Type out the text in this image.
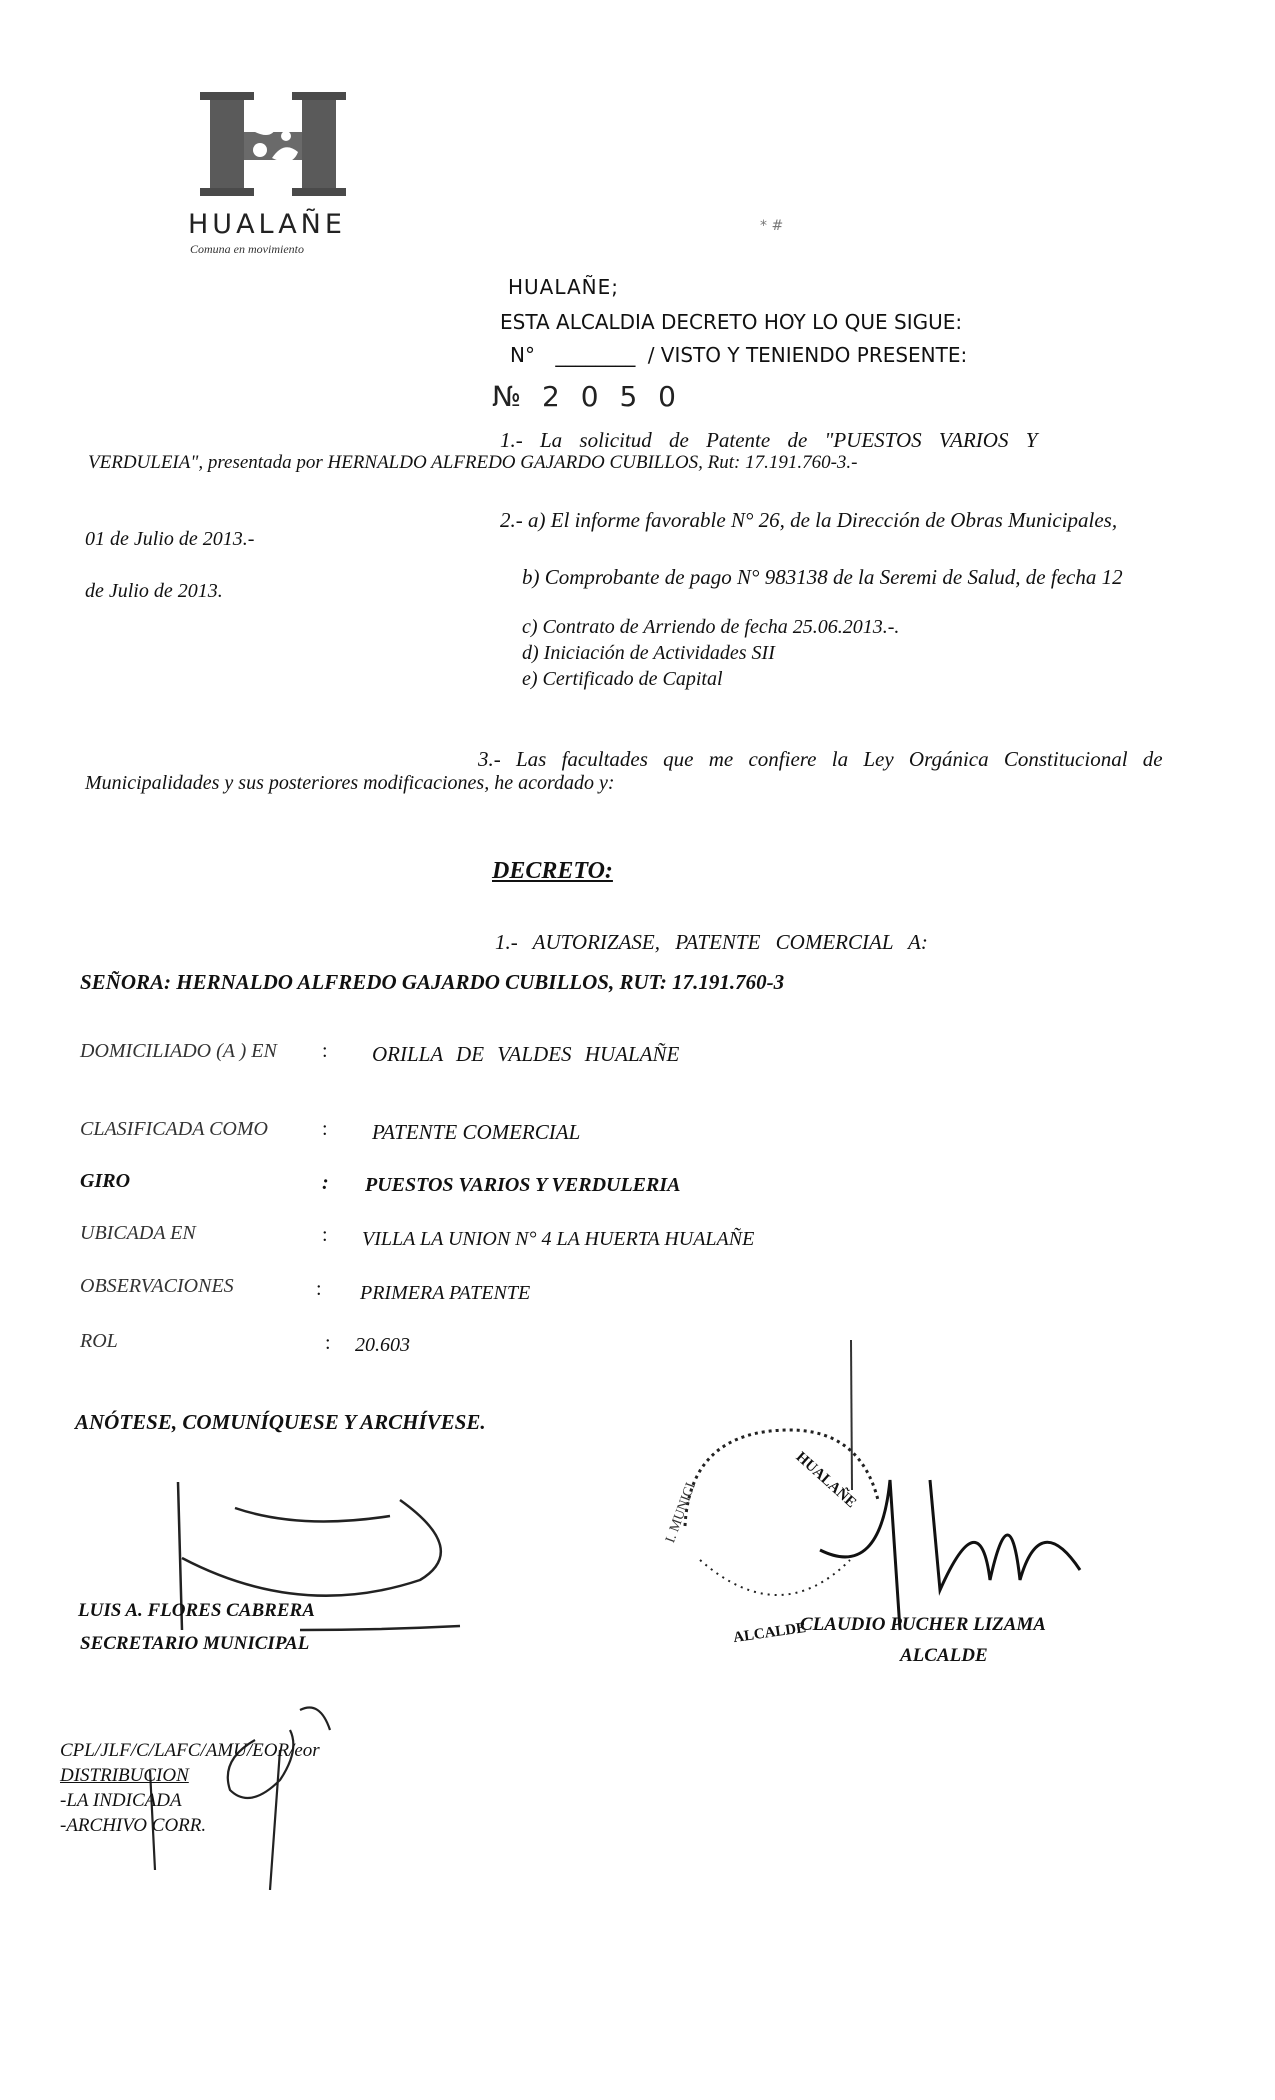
HUALAÑE
Comuna en movimiento
* #
HUALAÑE;
ESTA ALCALDIA DECRETO HOY LO QUE SIGUE:
N° ________ / VISTO Y TENIENDO PRESENTE:
№ 2 0 5 0
1.- La solicitud de Patente de "PUESTOS VARIOS Y
VERDULEIA", presentada por HERNALDO ALFREDO GAJARDO CUBILLOS, Rut: 17.191.760-3.-
2.- a) El informe favorable N° 26, de la Dirección de Obras Municipales,
01 de Julio de 2013.-
b) Comprobante de pago N° 983138 de la Seremi de Salud, de fecha 12
de Julio de 2013.
c) Contrato de Arriendo de fecha 25.06.2013.-.
d) Iniciación de Actividades SII
e) Certificado de Capital
3.- Las facultades que me confiere la Ley Orgánica Constitucional de
Municipalidades y sus posteriores modificaciones, he acordado y:
DECRETO:
1.- AUTORIZASE, PATENTE COMERCIAL A:
SEÑORA: HERNALDO ALFREDO GAJARDO CUBILLOS, RUT: 17.191.760-3
DOMICILIADO (A ) EN : ORILLA DE VALDES HUALAÑE
CLASIFICADA COMO	: PATENTE COMERCIAL
GIRO	: PUESTOS VARIOS Y VERDULERIA
UBICADA EN	: VILLA LA UNION N° 4 LA HUERTA HUALAÑE
OBSERVACIONES	: PRIMERA PATENTE
ROL	: 20.603
ANÓTESE, COMUNÍQUESE Y ARCHÍVESE.
HUALAÑE
I. MUNICI
ALCALDE
LUIS A. FLORES CABRERA
SECRETARIO MUNICIPAL
CLAUDIO PUCHER LIZAMA
ALCALDE
CPL/JLF/C/LAFC/AMU/EOR/eor
DISTRIBUCION
-LA INDICADA
-ARCHIVO CORR.
